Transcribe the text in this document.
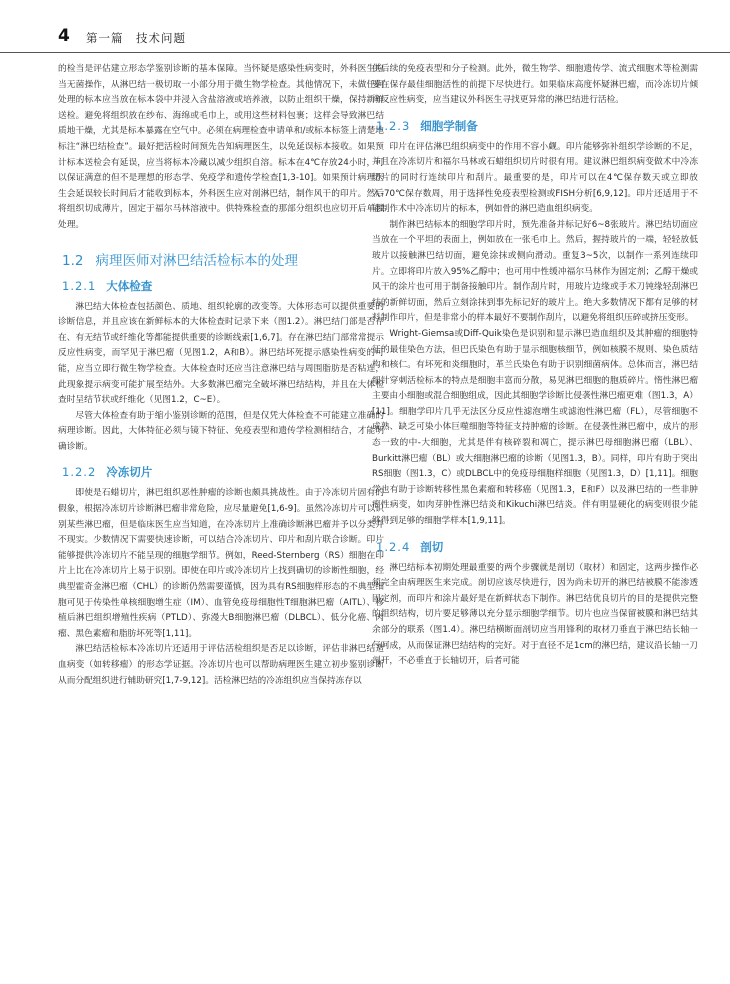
4 第一篇　技术问题

的检当是评估建立形态学鉴别诊断的基本保障。当怀疑是感染性病变时，外科医生应当无菌操作，从淋巴结一极切取一小部分用于微生物学检查。其他情况下，未做任何处理的标本应当放在标本袋中并浸入含盐溶液或培养液，以防止组织干燥，保持新鲜送检。避免将组织放在纱布、海绵或毛巾上，或用这些材料包裹；这样会导致淋巴结质地干燥，尤其是标本暴露在空气中。必须在病理检查申请单和/或标本标签上清楚地标注“淋巴结检查”。最好把活检时间预先告知病理医生，以免延误标本接收。如果预计标本送检会有延误，应当将标本冷藏以减少组织自溶。标本在4℃存放24小时，可以保证满意的但不是理想的形态学、免疫学和遗传学检查[1,3-10]。如果预计病理医生会延误较长时间后才能收到标本，外科医生应对剖淋巴结，制作风干的印片。然后将组织切成薄片，固定于福尔马林溶液中。供特殊检查的那部分组织也应切开后单独处理。

1.2 病理医师对淋巴结活检标本的处理
1.2.1 大体检查

淋巴结大体检查包括颜色、质地、组织轮廓的改变等。大体形态可以提供重要的诊断信息，并且应该在新鲜标本的大体检查时记录下来（图1.2）。淋巴结门部是否存在、有无结节或纤维化等都能提供重要的诊断线索[1,6,7]。存在淋巴结门部常常提示反应性病变，而罕见于淋巴瘤（见图1.2，A和B）。淋巴结坏死提示感染性病变的可能，应当立即行微生物学检查。大体检查时还应当注意淋巴结与周围脂肪是否粘连，此现象提示病变可能扩展至结外。大多数淋巴瘤完全破坏淋巴结结构，并且在大体检查时呈结节状或纤维化（见图1.2，C~E）。

尽管大体检查有助于缩小鉴别诊断的范围，但是仅凭大体检查不可能建立准确的病理诊断。因此，大体特征必须与镜下特征、免疫表型和遗传学检测相结合，才能明确诊断。

1.2.2 冷冻切片

即使是石蜡切片，淋巴组织恶性肿瘤的诊断也颇具挑战性。由于冷冻切片固有的假象，根据冷冻切片诊断淋巴瘤非常危险，应尽量避免[1,6-9]。虽然冷冻切片可以识别某些淋巴瘤，但是临床医生应当知道，在冷冻切片上准确诊断淋巴瘤并予以分类并不现实。少数情况下需要快速诊断，可以结合冷冻切片、印片和刮片联合诊断。印片能够提供冷冻切片不能呈现的细胞学细节。例如，Reed-Sternberg（RS）细胞在印片上比在冷冻切片上易于识别。即使在印片或冷冻切片上找到确切的诊断性细胞，经典型霍奇金淋巴瘤（CHL）的诊断仍然需要谨慎，因为具有RS细胞样形态的不典型细胞可见于传染性单核细胞增生症（IM）、血管免疫母细胞性T细胞淋巴瘤（AITL）、移植后淋巴组织增殖性疾病（PTLD）、弥漫大B细胞淋巴瘤（DLBCL）、低分化癌、肉瘤、黑色素瘤和脂肪坏死等[1,11]。

淋巴结活检标本冷冻切片还适用于评估活检组织是否足以诊断，评估非淋巴结造血病变（如转移瘤）的形态学证据。冷冻切片也可以帮助病理医生建立初步鉴别诊断从而分配组织进行辅助研究[1,7-9,12]。活检淋巴结的冷冻组织应当保持冻存以

供后续的免疫表型和分子检测。此外，微生物学、细胞遗传学、流式细胞术等检测需要在保存最佳细胞活性的前提下尽快进行。如果临床高度怀疑淋巴瘤，而冷冻切片倾向反应性病变，应当建议外科医生寻找更异常的淋巴结进行活检。

1.2.3 细胞学制备

印片在评估淋巴组织病变中的作用不容小觑。印片能够弥补组织学诊断的不足，并且在冷冻切片和福尔马林或石蜡组织切片时很有用。建议淋巴组织病变做术中冷冻切片的同时行连续印片和刮片。最重要的是，印片可以在4℃保存数天或立即放入-70℃保存数周，用于选择性免疫表型检测或FISH分析[6,9,12]。印片还适用于不能制作术中冷冻切片的标本，例如骨的淋巴造血组织病变。

制作淋巴结标本的细胞学印片时，预先准备并标记好6~8张玻片。淋巴结切面应当放在一个平坦的表面上，例如放在一张毛巾上。然后，握持玻片的一端，轻轻放低玻片以接触淋巴结切面，避免涂抹或侧向滑动。重复3~5次，以制作一系列连续印片。立即将印片放入95%乙醇中；也可用中性缓冲福尔马林作为固定剂；乙醇干燥或风干的涂片也可用于制备接触印片。制作刮片时，用玻片边缘或手术刀钝缘轻刮淋巴结的新鲜切面，然后立刻涂抹到事先标记好的玻片上。绝大多数情况下都有足够的材料制作印片，但是非常小的样本最好不要制作刮片，以避免将组织压碎或挤压变形。

Wright-Giemsa或Diff-Quik染色是识别和显示淋巴造血组织及其肿瘤的细胞特征的最佳染色方法，但巴氏染色有助于显示细胞核细节，例如核膜不规则、染色质结构和核仁。有坏死和炎细胞时，革兰氏染色有助于识别细菌病体。总体而言，淋巴结细针穿刺活检标本的特点是细胞丰富而分散，易见淋巴细胞的胞质碎片。惰性淋巴瘤主要由小细胞或混合细胞组成，因此其细胞学诊断比侵袭性淋巴瘤更难（图1.3，A）[11]。细胞学印片几乎无法区分反应性滤泡增生或滤泡性淋巴瘤（FL），尽管细胞不成熟、缺乏可染小体巨噬细胞等特征支持肿瘤的诊断。在侵袭性淋巴瘤中，成片的形态一致的中-大细胞，尤其是伴有核碎裂和凋亡，提示淋巴母细胞淋巴瘤（LBL）、Burkitt淋巴瘤（BL）或大细胞淋巴瘤的诊断（见图1.3，B）。同样，印片有助于突出RS细胞（图1.3，C）或DLBCL中的免疫母细胞样细胞（见图1.3，D）[1,11]。细胞学也有助于诊断转移性黑色素瘤和转移癌（见图1.3，E和F）以及淋巴结的一些非肿瘤性病变，如肉芽肿性淋巴结炎和Kikuchi淋巴结炎。伴有明显硬化的病变则很少能够得到足够的细胞学样本[1,9,11]。

1.2.4 剖切

淋巴结标本初期处理最重要的两个步骤就是剖切（取材）和固定，这两步操作必须完全由病理医生来完成。剖切应该尽快进行，因为尚未切开的淋巴结被膜不能渗透固定剂，而印片和涂片最好是在新鲜状态下制作。淋巴结优良切片的目的是提供完整的组织结构，切片要足够薄以充分显示细胞学细节。切片也应当保留被膜和淋巴结其余部分的联系（图1.4）。淋巴结横断面剖切应当用锋利的取材刀垂直于淋巴结长轴一气呵成，从而保证淋巴结结构的完好。对于直径不足1cm的淋巴结，建议沿长轴一刀剖开，不必垂直于长轴切开，后者可能
